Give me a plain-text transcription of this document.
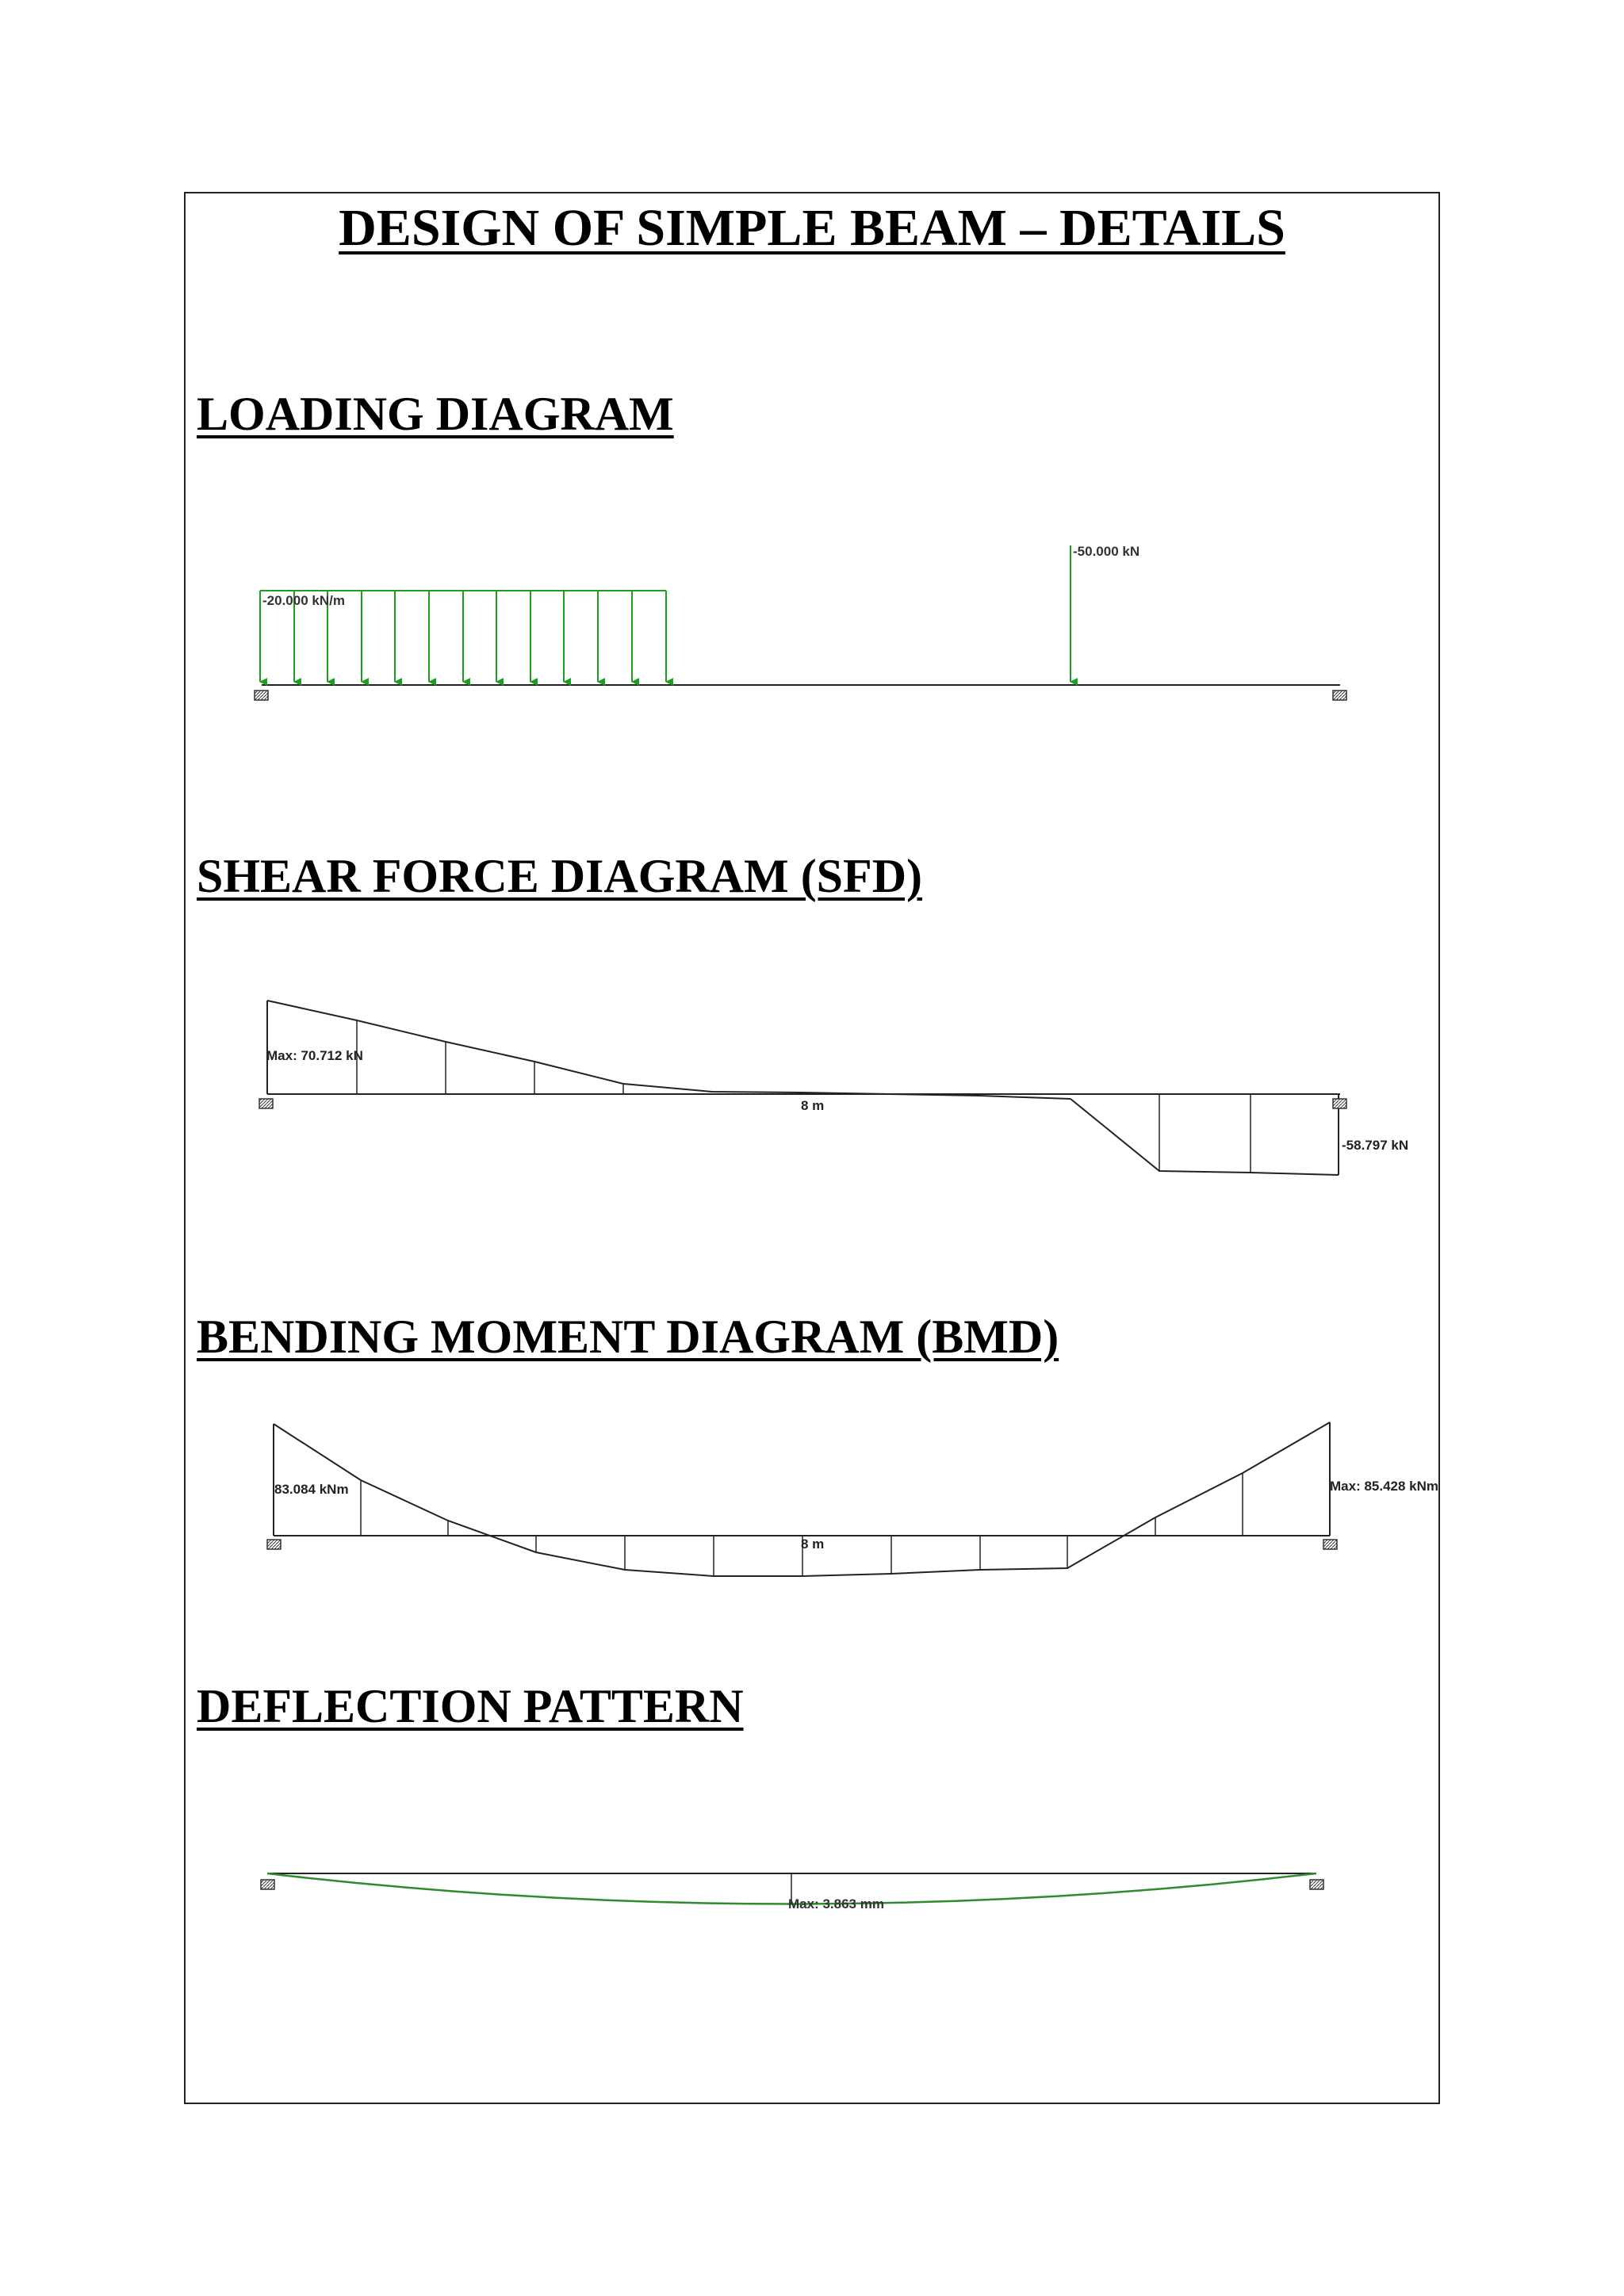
DESIGN OF SIMPLE BEAM – DETAILS
LOADING DIAGRAM
SHEAR FORCE DIAGRAM (SFD)
BENDING MOMENT DIAGRAM (BMD)
DEFLECTION PATTERN
-20.000 kN/m
-50.000 kN
Max: 70.712 kN
-58.797 kN
8 m
83.084 kNm	Max: 85.428 kNm
8 m
Max: 3.863 mm
